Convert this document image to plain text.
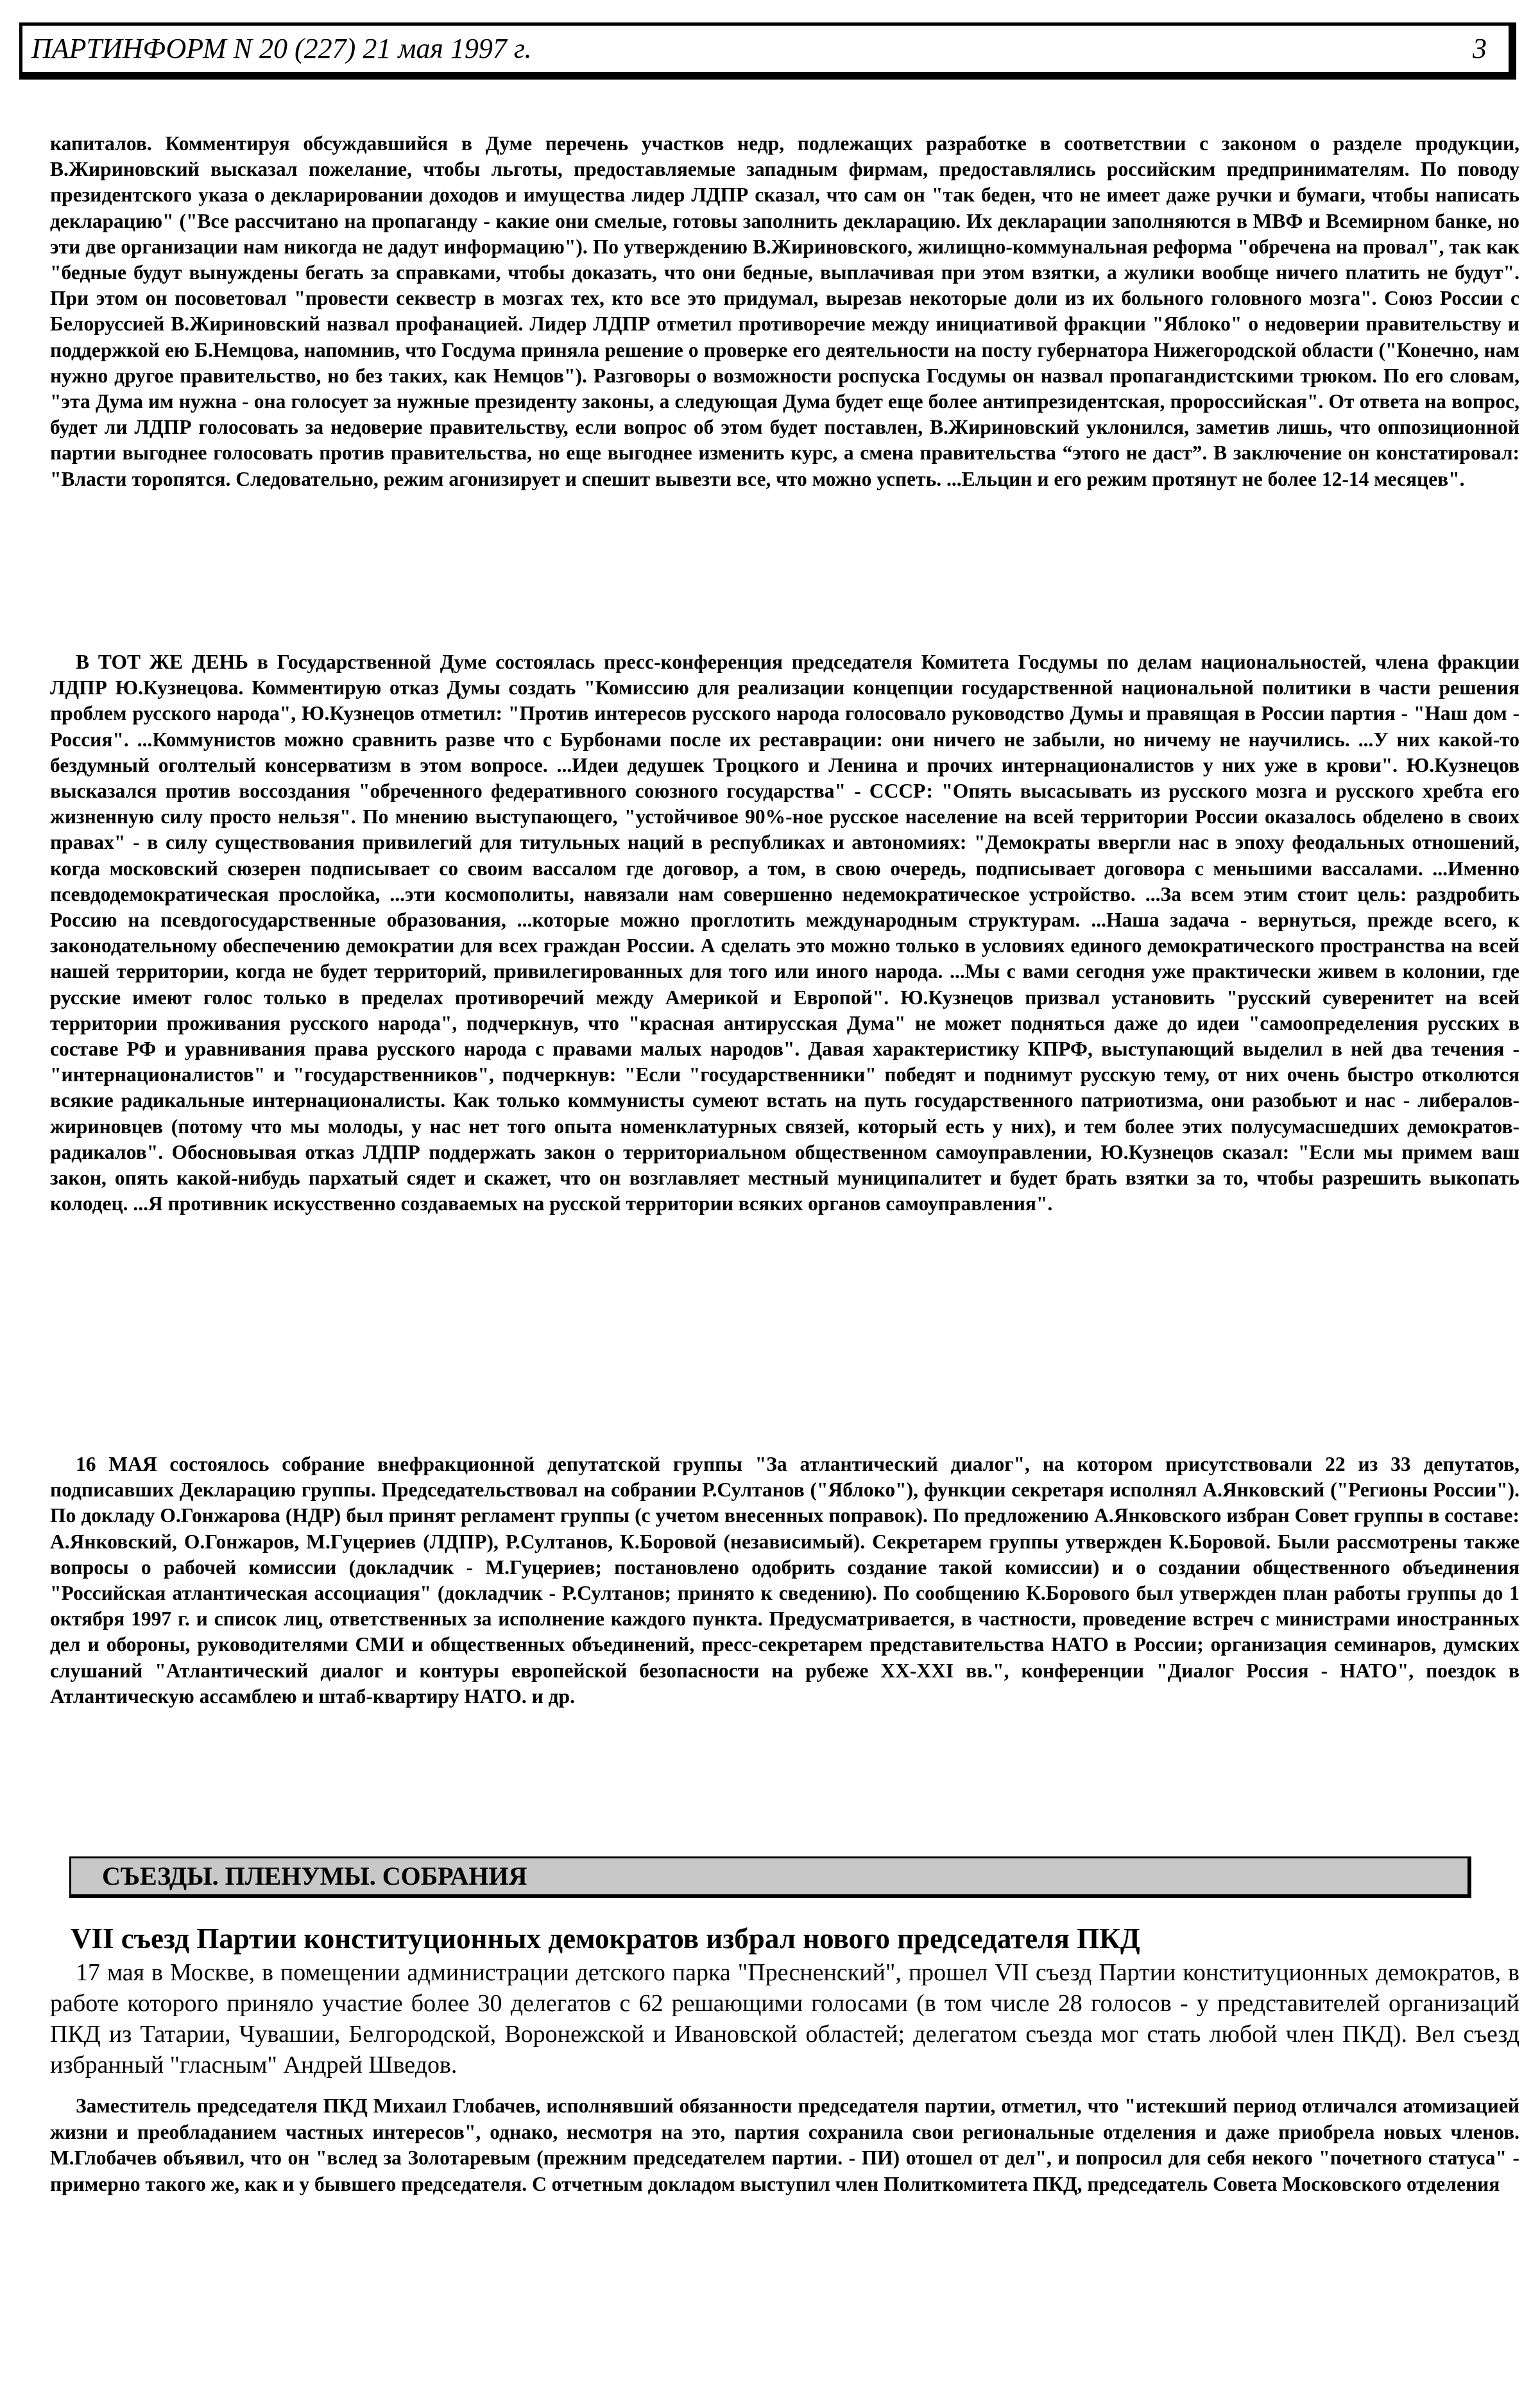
ПАРТИНФОРМ N 20 (227) 21 мая 1997 г.	3

капиталов. Комментируя обсуждавшийся в Думе перечень участков недр, подлежащих разработке в соответствии с законом о разделе продукции, В.Жириновский высказал пожелание, чтобы льготы, предоставляемые западным фирмам, предоставлялись российским предпринимателям. По поводу президентского указа о декларировании доходов и имущества лидер ЛДПР сказал, что сам он "так беден, что не имеет даже ручки и бумаги, чтобы написать декларацию" ("Все рассчитано на пропаганду - какие они смелые, готовы заполнить декларацию. Их декларации заполняются в МВФ и Всемирном банке, но эти две организации нам никогда не дадут информацию"). По утверждению В.Жириновского, жилищно-коммунальная реформа "обречена на провал", так как "бедные будут вынуждены бегать за справками, чтобы доказать, что они бедные, выплачивая при этом взятки, а жулики вообще ничего платить не будут". При этом он посоветовал "провести секвестр в мозгах тех, кто все это придумал, вырезав некоторые доли из их больного головного мозга". Союз России с Белоруссией В.Жириновский назвал профанацией. Лидер ЛДПР отметил противоречие между инициативой фракции "Яблоко" о недоверии правительству и поддержкой ею Б.Немцова, напомнив, что Госдума приняла решение о проверке его деятельности на посту губернатора Нижегородской области ("Конечно, нам нужно другое правительство, но без таких, как Немцов"). Разговоры о возможности роспуска Госдумы он назвал пропагандистскими трюком. По его словам, "эта Дума им нужна - она голосует за нужные президенту законы, а следующая Дума будет еще более антипрезидентская, пророссийская". От ответа на вопрос, будет ли ЛДПР голосовать за недоверие правительству, если вопрос об этом будет поставлен, В.Жириновский уклонился, заметив лишь, что оппозиционной партии выгоднее голосовать против правительства, но еще выгоднее изменить курс, а смена правительства “этого не даст”. В заключение он констатировал: "Власти торопятся. Следовательно, режим агонизирует и спешит вывезти все, что можно успеть. ...Ельцин и его режим протянут не более 12-14 месяцев".

В ТОТ ЖЕ ДЕНЬ в Государственной Думе состоялась пресс-конференция председателя Комитета Госдумы по делам национальностей, члена фракции ЛДПР Ю.Кузнецова. Комментирую отказ Думы создать "Комиссию для реализации концепции государственной национальной политики в части решения проблем русского народа", Ю.Кузнецов отметил: "Против интересов русского народа голосовало руководство Думы и правящая в России партия - "Наш дом - Россия". ...Коммунистов можно сравнить разве что с Бурбонами после их реставрации: они ничего не забыли, но ничему не научились. ...У них какой-то бездумный оголтелый консерватизм в этом вопросе. ...Идеи дедушек Троцкого и Ленина и прочих интернационалистов у них уже в крови". Ю.Кузнецов высказался против воссоздания "обреченного федеративного союзного государства" - СССР: "Опять высасывать из русского мозга и русского хребта его жизненную силу просто нельзя". По мнению выступающего, "устойчивое 90%-ное русское население на всей территории России оказалось обделено в своих правах" - в силу существования привилегий для титульных наций в республиках и автономиях: "Демократы ввергли нас в эпоху феодальных отношений, когда московский сюзерен подписывает со своим вассалом где договор, а том, в свою очередь, подписывает договора с меньшими вассалами. ...Именно псевдодемократическая прослойка, ...эти космополиты, навязали нам совершенно недемократическое устройство. ...За всем этим стоит цель: раздробить Россию на псевдогосударственные образования, ...которые можно проглотить международным структурам. ...Наша задача - вернуться, прежде всего, к законодательному обеспечению демократии для всех граждан России. А сделать это можно только в условиях единого демократического пространства на всей нашей территории, когда не будет территорий, привилегированных для того или иного народа. ...Мы с вами сегодня уже практически живем в колонии, где русские имеют голос только в пределах противоречий между Америкой и Европой". Ю.Кузнецов призвал установить "русский суверенитет на всей территории проживания русского народа", подчеркнув, что "красная антирусская Дума" не может подняться даже до идеи "самоопределения русских в составе РФ и уравнивания права русского народа с правами малых народов". Давая характеристику КПРФ, выступающий выделил в ней два течения - "интернационалистов" и "государственников", подчеркнув: "Если "государственники" победят и поднимут русскую тему, от них очень быстро отколются всякие радикальные интернационалисты. Как только коммунисты сумеют встать на путь государственного патриотизма, они разобьют и нас - либералов-жириновцев (потому что мы молоды, у нас нет того опыта номенклатурных связей, который есть у них), и тем более этих полусумасшедших демократов-радикалов". Обосновывая отказ ЛДПР поддержать закон о территориальном общественном самоуправлении, Ю.Кузнецов сказал: "Если мы примем ваш закон, опять какой-нибудь пархатый сядет и скажет, что он возглавляет местный муниципалитет и будет брать взятки за то, чтобы разрешить выкопать колодец. ...Я противник искусственно создаваемых на русской территории всяких органов самоуправления".

16 МАЯ состоялось собрание внефракционной депутатской группы "За атлантический диалог", на котором присутствовали 22 из 33 депутатов, подписавших Декларацию группы. Председательствовал на собрании Р.Султанов ("Яблоко"), функции секретаря исполнял А.Янковский ("Регионы России"). По докладу О.Гонжарова (НДР) был принят регламент группы (с учетом внесенных поправок). По предложению А.Янковского избран Совет группы в составе: А.Янковский, О.Гонжаров, М.Гуцериев (ЛДПР), Р.Султанов, К.Боровой (независимый). Секретарем группы утвержден К.Боровой. Были рассмотрены также вопросы о рабочей комиссии (докладчик - М.Гуцериев; постановлено одобрить создание такой комиссии) и о создании общественного объединения "Российская атлантическая ассоциация" (докладчик - Р.Султанов; принято к сведению). По сообщению К.Борового был утвержден план работы группы до 1 октября 1997 г. и список лиц, ответственных за исполнение каждого пункта. Предусматривается, в частности, проведение встреч с министрами иностранных дел и обороны, руководителями СМИ и общественных объединений, пресс-секретарем представительства НАТО в России; организация семинаров, думских слушаний "Атлантический диалог и контуры европейской безопасности на рубеже XX-XXI вв.", конференции "Диалог Россия - НАТО", поездок в Атлантическую ассамблею и штаб-квартиру НАТО. и др.

СЪЕЗДЫ. ПЛЕНУМЫ. СОБРАНИЯ
VII съезд Партии конституционных демократов избрал нового председателя ПКД

17 мая в Москве, в помещении администрации детского парка "Пресненский", прошел VII съезд Партии конституционных демократов, в работе которого приняло участие более 30 делегатов с 62 решающими голосами (в том числе 28 голосов - у представителей организаций ПКД из Татарии, Чувашии, Белгородской, Воронежской и Ивановской областей; делегатом съезда мог стать любой член ПКД). Вел съезд избранный "гласным" Андрей Шведов.

Заместитель председателя ПКД Михаил Глобачев, исполнявший обязанности председателя партии, отметил, что "истекший период отличался атомизацией жизни и преобладанием частных интересов", однако, несмотря на это, партия сохранила свои региональные отделения и даже приобрела новых членов. М.Глобачев объявил, что он "вслед за Золотаревым (прежним председателем партии. - ПИ) отошел от дел", и попросил для себя некого "почетного статуса" - примерно такого же, как и у бывшего председателя. С отчетным докладом выступил член Политкомитета ПКД, председатель Совета Московского отделения
